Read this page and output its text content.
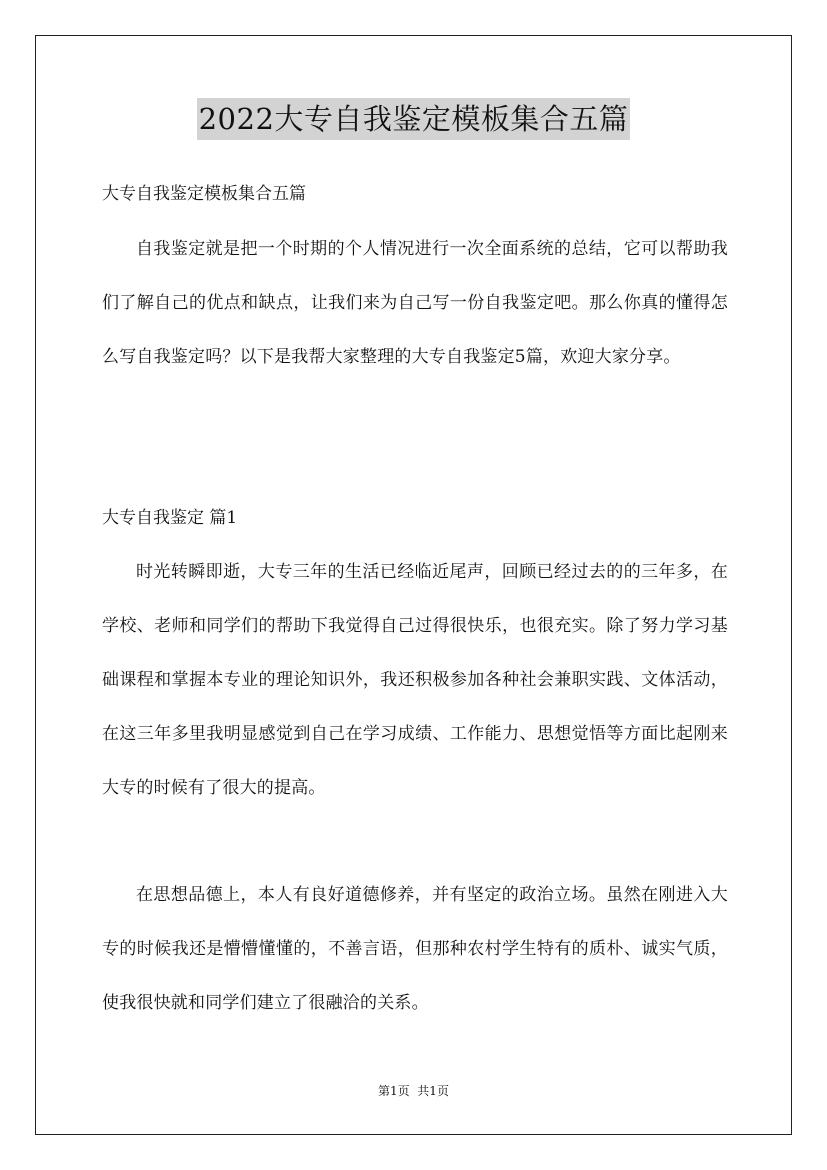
2022大专自我鉴定模板集合五篇
大专自我鉴定模板集合五篇
自我鉴定就是把一个时期的个人情况进行一次全面系统的总结，它可以帮助我们了解自己的优点和缺点，让我们来为自己写一份自我鉴定吧。那么你真的懂得怎么写自我鉴定吗？以下是我帮大家整理的大专自我鉴定5篇，欢迎大家分享。
大专自我鉴定 篇1
时光转瞬即逝，大专三年的生活已经临近尾声，回顾已经过去的的三年多，在学校、老师和同学们的帮助下我觉得自己过得很快乐，也很充实。除了努力学习基础课程和掌握本专业的理论知识外，我还积极参加各种社会兼职实践、文体活动，在这三年多里我明显感觉到自己在学习成绩、工作能力、思想觉悟等方面比起刚来大专的时候有了很大的提高。
在思想品德上，本人有良好道德修养，并有坚定的政治立场。虽然在刚进入大专的时候我还是懵懵懂懂的，不善言语，但那种农村学生特有的质朴、诚实气质，使我很快就和同学们建立了很融洽的关系。
第1页  共1页
